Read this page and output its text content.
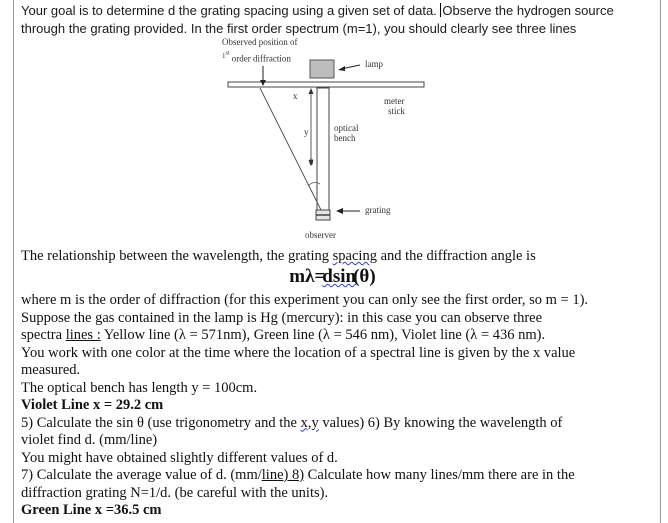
Your goal is to determine d the grating spacing using a given set of data. Observe the hydrogen source through the grating provided. In the first order spectrum (m=1), you should clearly see three lines
Observed position of
$^{1^{st}}$ order diffraction
lamp
meter
stick
x
y	optical
bench
θ
grating
observer
The relationship between the wavelength, the grating spacing and the diffraction angle is
mλ=dsin(θ)
where m is the order of diffraction (for this experiment you can only see the first order, so m = 1).
Suppose the gas contained in the lamp is Hg (mercury): in this case you can observe three
spectra lines : Yellow line (λ = 571nm), Green line (λ = 546 nm), Violet line (λ = 436 nm).
You work with one color at the time where the location of a spectral line is given by the x value
measured.
The optical bench has length y = 100cm.
Violet Line x = 29.2 cm
5) Calculate the sin θ (use trigonometry and the x,y values) 6) By knowing the wavelength of
violet find d. (mm/line)
You might have obtained slightly different values of d.
7) Calculate the average value of d. (mm/line) 8) Calculate how many lines/mm there are in the
diffraction grating N=1/d. (be careful with the units).
Green Line x =36.5 cm
